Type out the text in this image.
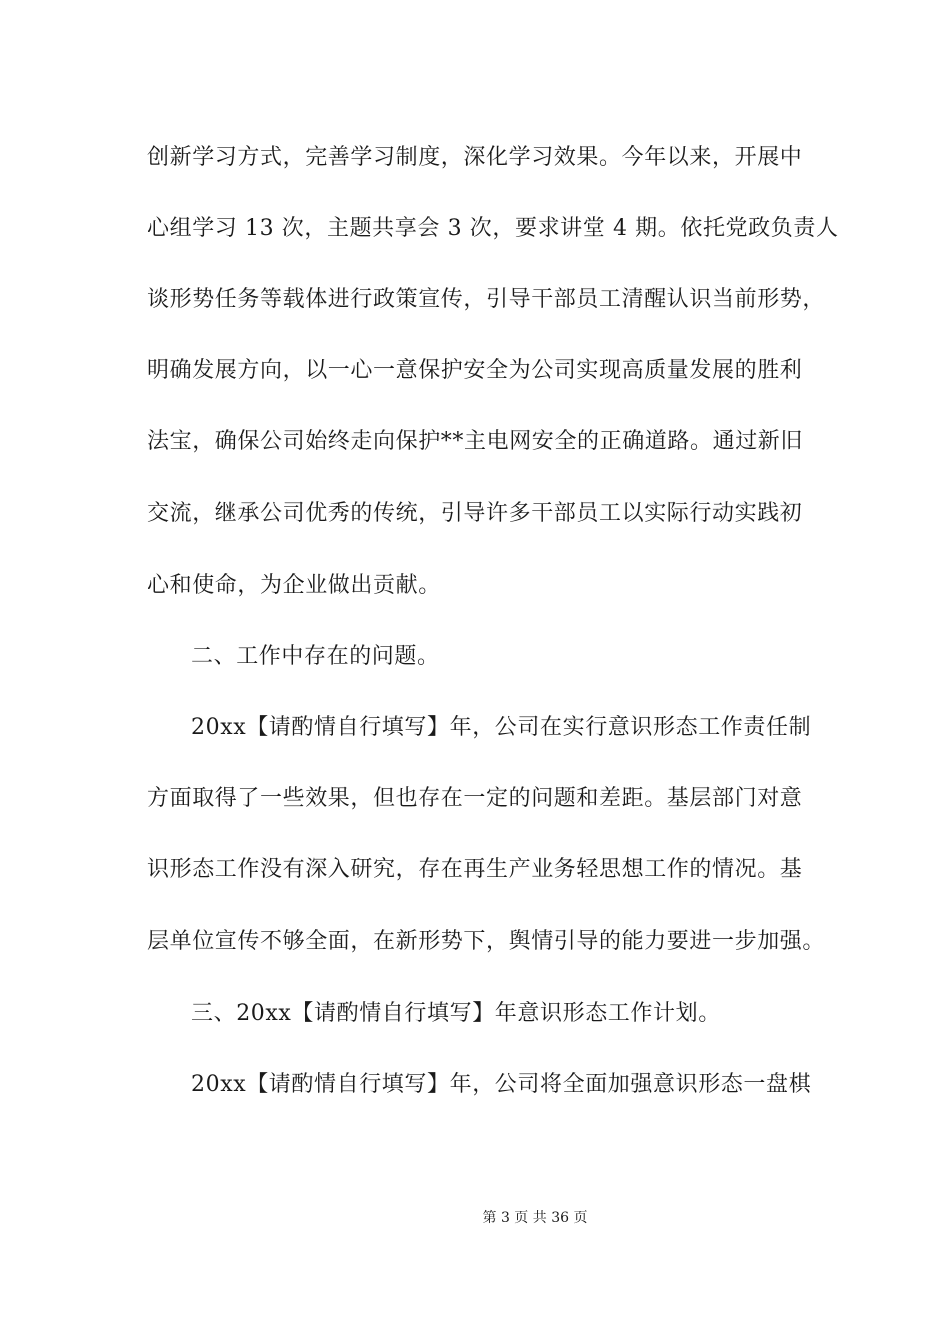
创新学习方式，完善学习制度，深化学习效果。今年以来，开展中
心组学习 13 次，主题共享会 3 次，要求讲堂 4 期。依托党政负责人
谈形势任务等载体进行政策宣传，引导干部员工清醒认识当前形势，
明确发展方向，以一心一意保护安全为公司实现高质量发展的胜利
法宝，确保公司始终走向保护**主电网安全的正确道路。通过新旧
交流，继承公司优秀的传统，引导许多干部员工以实际行动实践初
心和使命，为企业做出贡献。
二、工作中存在的问题。
20xx【请酌情自行填写】年，公司在实行意识形态工作责任制
方面取得了一些效果，但也存在一定的问题和差距。基层部门对意
识形态工作没有深入研究，存在再生产业务轻思想工作的情况。基
层单位宣传不够全面，在新形势下，舆情引导的能力要进一步加强。
三、20xx【请酌情自行填写】年意识形态工作计划。
20xx【请酌情自行填写】年，公司将全面加强意识形态一盘棋
第 3 页 共 36 页
